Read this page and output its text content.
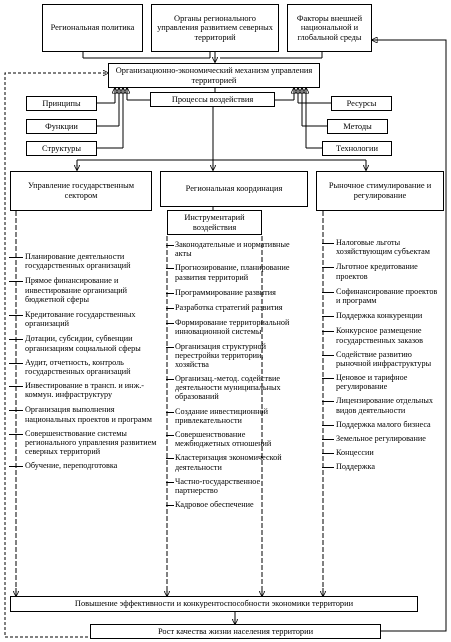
Региональная политика
Органы регионального управления развитием северных территорий
Факторы внешней национальной и глобальной среды
Организационно-экономический механизм управления территорией
Процессы воздействия
Принципы
Функции
Структуры
Ресурсы
Методы
Технологии
Управление государственным сектором
Региональная координация
Инструментарий воздействия
Рыночное стимулирование и регулирование
Планирование деятельности государственных организаций
Прямое финансирование и инвестирование организаций бюджетной сферы
Кредитование государственных организаций
Дотации, субсидии, субвенции организациям социальной сферы
Аудит, отчетность, контроль государственных организаций
Инвестирование в трансп. и инж.- коммун. инфраструктуру
Организация выполнения национальных проектов и программ
Совершенствование системы регионального управления развитием северных территорий
Обучение, переподготовка
Законодательные и нормативные акты
Прогнозирование, планирование развития территорий
Программирование развития
Разработка стратегий развития
Формирование территориальной инновационной системы
Организация структурной перестройки территории, хозяйства
Организац.-метод. содействие деятельности муниципальных образований
Создание инвестиционной привлекательности
Совершенствование межбюджетных отношений
Кластеризация экономической деятельности
Частно-государственное партнерство
Кадровое обеспечение
Налоговые льготы хозяйствующим субъектам
Льготное кредитование проектов
Софинансирование проектов и программ
Поддержка конкуренции
Конкурсное размещение государственных заказов
Содействие развитию рыночной инфраструктуры
Ценовое и тарифное регулирование
Лицензирование отдельных видов деятельности
Поддержка малого бизнеса
Земельное регулирование
Концессии
Поддержка
Повышение эффективности и конкурентоспособности экономики территории
Рост качества жизни населения территории
